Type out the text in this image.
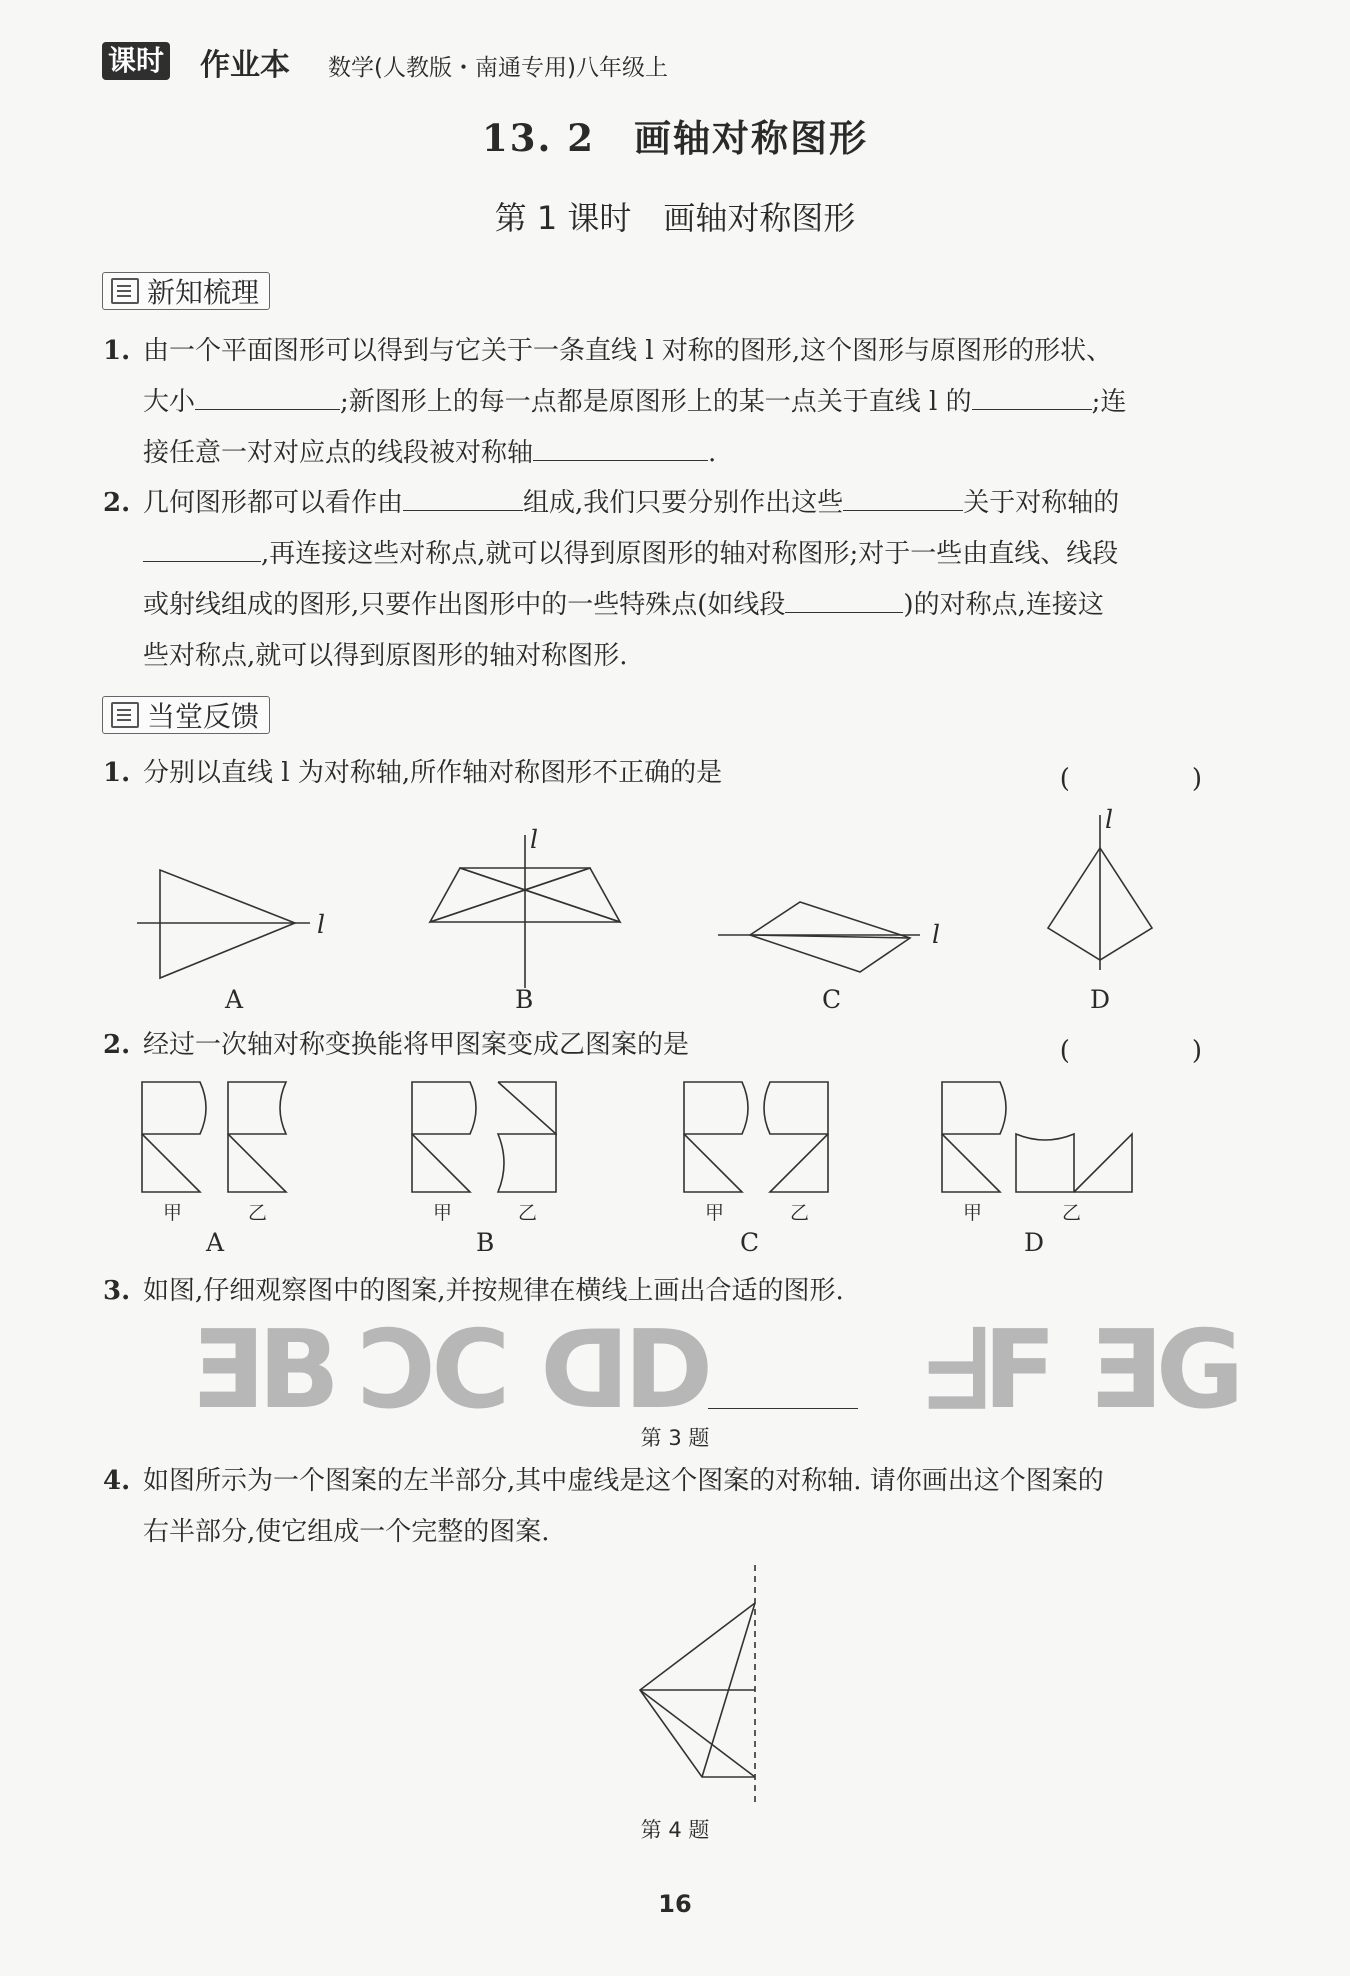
课时 作业本 数学(人教版・南通专用)八年级上
13. 2　画轴对称图形
第 1 课时　画轴对称图形
新知梳理
1. 由一个平面图形可以得到与它关于一条直线 l 对称的图形,这个图形与原图形的形状、
大小	;新图形上的每一点都是原图形上的某一点关于直线 l 的	;连
接任意一对对应点的线段被对称轴	.
2. 几何图形都可以看作由	组成,我们只要分别作出这些	关于对称轴的
,再连接这些对称点,就可以得到原图形的轴对称图形;对于一些由直线、线段
或射线组成的图形,只要作出图形中的一些特殊点(如线段	)的对称点,连接这
些对称点,就可以得到原图形的轴对称图形.
当堂反馈
1. 分别以直线 l 为对称轴,所作轴对称图形不正确的是	(　)
l
A
l
B
l
C
l
D
2. 经过一次轴对称变换能将甲图案变成乙图案的是	(　)
甲	乙
A
甲	乙
B
甲	乙
C
甲	乙
D
3. 如图,仔细观察图中的图案,并按规律在横线上画出合适的图形.
ƎB ƆC ᗡD ᖵF ƎG
第 3 题
4. 如图所示为一个图案的左半部分,其中虚线是这个图案的对称轴. 请你画出这个图案的
右半部分,使它组成一个完整的图案.
第 4 题
16
